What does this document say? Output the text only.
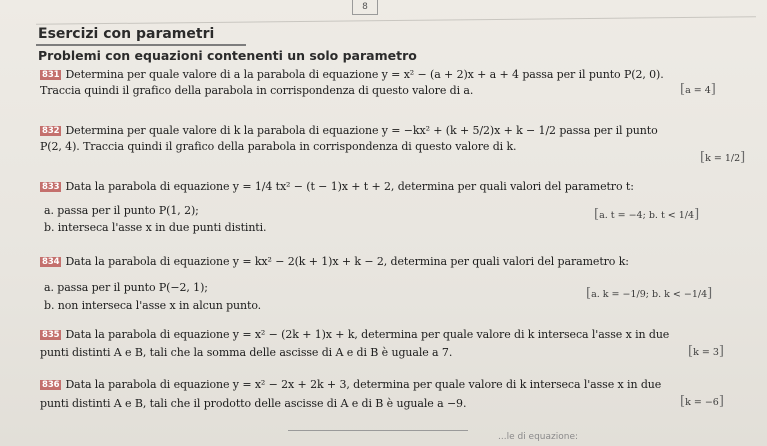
8
Esercizi con parametri
Problemi con equazioni contenenti un solo parametro
831 Determina per quale valore di a la parabola di equazione y = x² − (a + 2)x + a + 4 passa per il punto P(2, 0).
Traccia quindi il grafico della parabola in corrispondenza di questo valore di a.	[a = 4]
832 Determina per quale valore di k la parabola di equazione y = −kx² + (k + 5/2)x + k − 1/2 passa per il punto
P(2, 4). Traccia quindi il grafico della parabola in corrispondenza di questo valore di k.
[k = 1/2]
833 Data la parabola di equazione y = 1/4 tx² − (t − 1)x + t + 2, determina per quali valori del parametro t:
a. passa per il punto P(1, 2);
b. interseca l'asse x in due punti distinti.
[a. t = −4; b. t < 1/4]
834 Data la parabola di equazione y = kx² − 2(k + 1)x + k − 2, determina per quali valori del parametro k:
a. passa per il punto P(−2, 1);
b. non interseca l'asse x in alcun punto.
[a. k = −1/9; b. k < −1/4]
835 Data la parabola di equazione y = x² − (2k + 1)x + k, determina per quale valore di k interseca l'asse x in due
punti distinti A e B, tali che la somma delle ascisse di A e di B è uguale a 7.	[k = 3]
836 Data la parabola di equazione y = x² − 2x + 2k + 3, determina per quale valore di k interseca l'asse x in due
punti distinti A e B, tali che il prodotto delle ascisse di A e di B è uguale a −9.	[k = −6]
...le di equazione:
